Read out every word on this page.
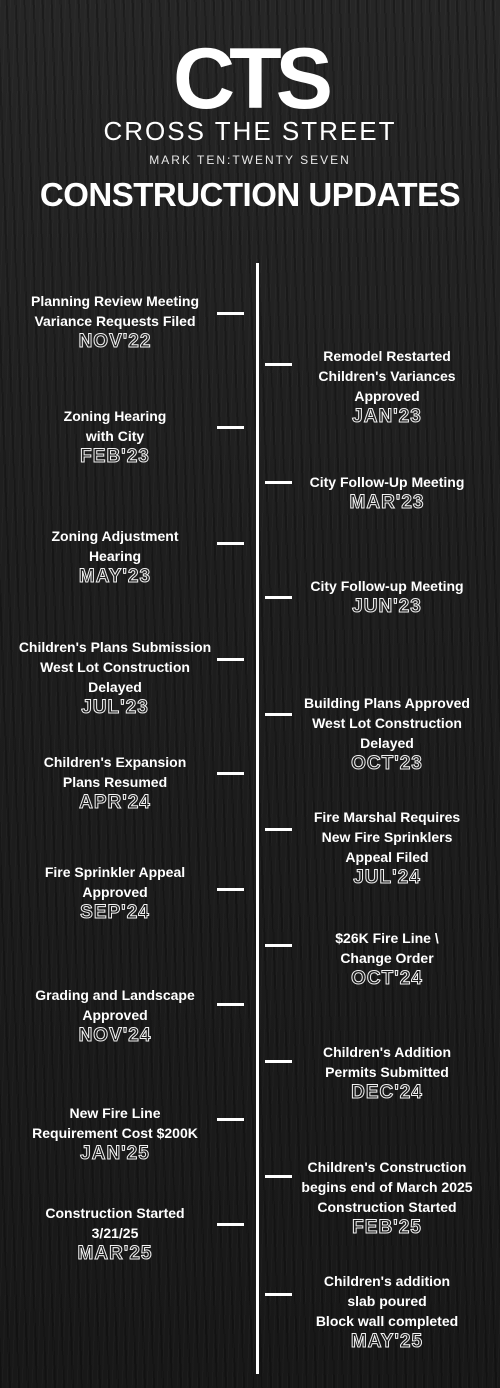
CTS
CROSS THE STREET
MARK TEN:TWENTY SEVEN
CONSTRUCTION UPDATES
Planning Review Meeting
Variance Requests Filed
NOV'22
Remodel Restarted
Children's Variances
Approved
JAN'23
Zoning Hearing
with City
FEB'23
City Follow-Up Meeting
MAR'23
Zoning Adjustment
Hearing
MAY'23	City Follow-up Meeting
JUN'23
Children's Plans Submission
West Lot Construction
Delayed
JUL'23	Building Plans Approved
West Lot Construction
Delayed
OCT'23
Children's Expansion
Plans Resumed
APR'24
Fire Marshal Requires
New Fire Sprinklers
Appeal Filed
JUL'24
Fire Sprinkler Appeal
Approved
SEP'24
$26K Fire Line \
Change Order
OCT'24
Grading and Landscape
Approved
NOV'24
Children's Addition
Permits Submitted
DEC'24
New Fire Line
Requirement Cost $200K
JAN'25
Children's Construction
begins end of March 2025
Construction Started
FEB'25
Construction Started
3/21/25
MAR'25
Children's addition
slab poured
Block wall completed
MAY'25
